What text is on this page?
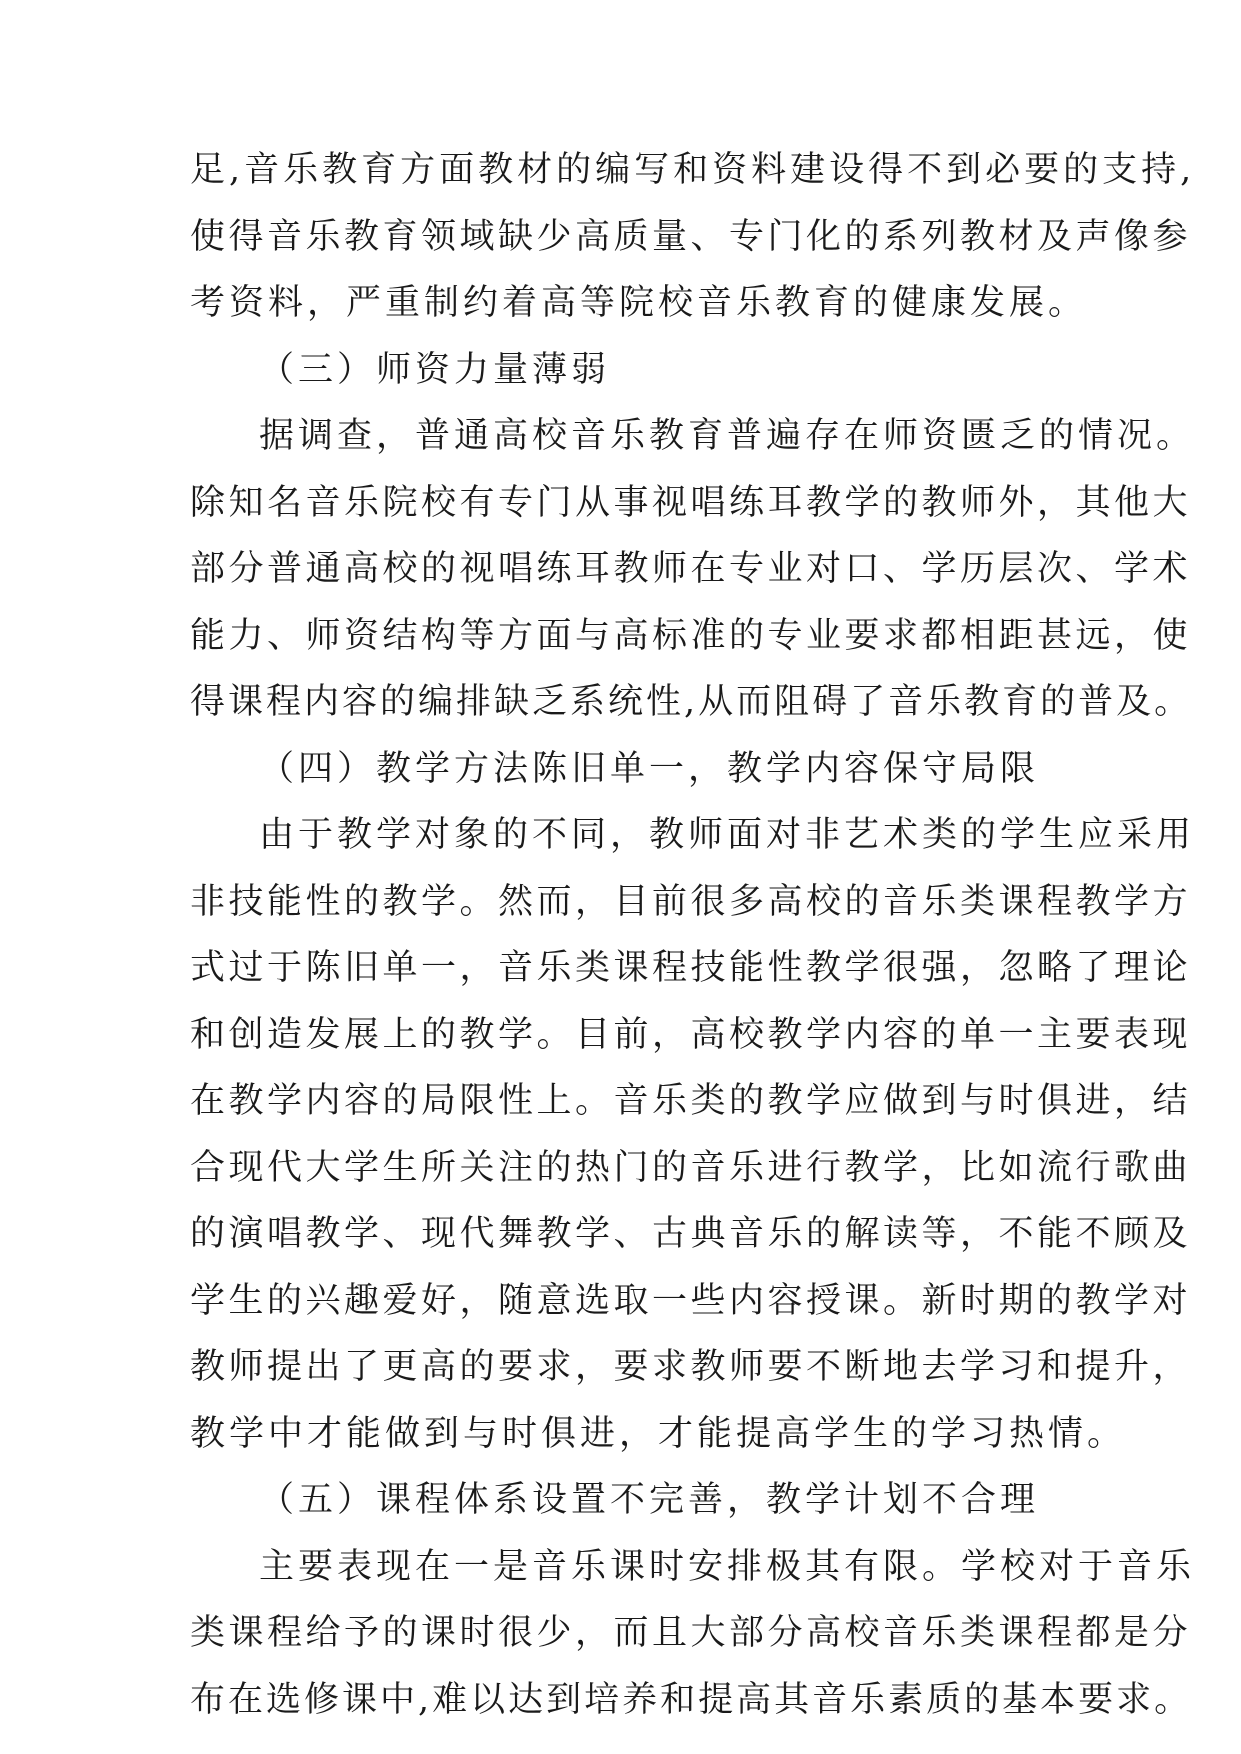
足,音乐教育方面教材的编写和资料建设得不到必要的支持,
使得音乐教育领域缺少高质量、专门化的系列教材及声像参
考资料，严重制约着高等院校音乐教育的健康发展。
（三）师资力量薄弱
据调查，普通高校音乐教育普遍存在师资匮乏的情况。
除知名音乐院校有专门从事视唱练耳教学的教师外，其他大
部分普通高校的视唱练耳教师在专业对口、学历层次、学术
能力、师资结构等方面与高标准的专业要求都相距甚远，使
得课程内容的编排缺乏系统性,从而阻碍了音乐教育的普及。
（四）教学方法陈旧单一，教学内容保守局限
由于教学对象的不同，教师面对非艺术类的学生应采用
非技能性的教学。然而，目前很多高校的音乐类课程教学方
式过于陈旧单一，音乐类课程技能性教学很强，忽略了理论
和创造发展上的教学。目前，高校教学内容的单一主要表现
在教学内容的局限性上。音乐类的教学应做到与时俱进，结
合现代大学生所关注的热门的音乐进行教学，比如流行歌曲
的演唱教学、现代舞教学、古典音乐的解读等，不能不顾及
学生的兴趣爱好，随意选取一些内容授课。新时期的教学对
教师提出了更高的要求，要求教师要不断地去学习和提升，
教学中才能做到与时俱进，才能提高学生的学习热情。
（五）课程体系设置不完善，教学计划不合理
主要表现在一是音乐课时安排极其有限。学校对于音乐
类课程给予的课时很少，而且大部分高校音乐类课程都是分
布在选修课中,难以达到培养和提高其音乐素质的基本要求。
